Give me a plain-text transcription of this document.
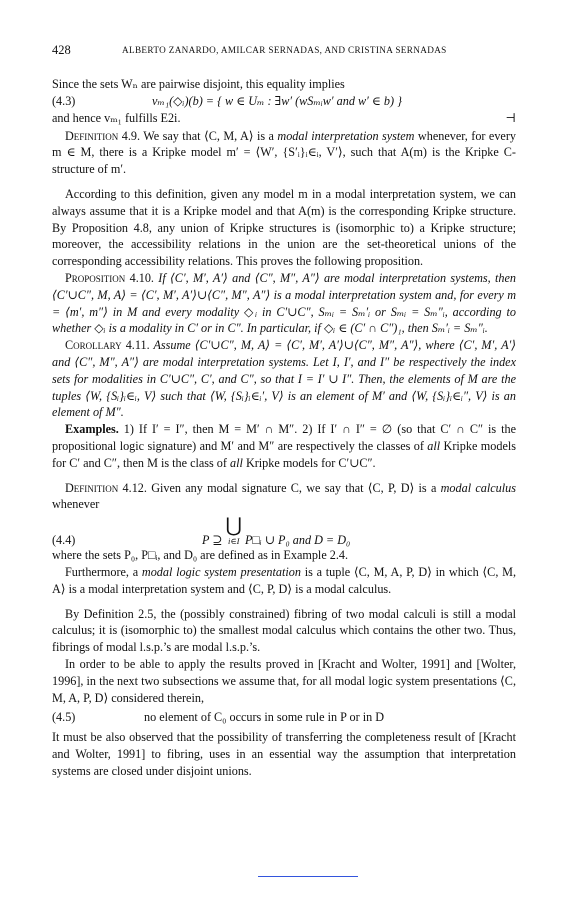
428	ALBERTO ZANARDO, AMILCAR SERNADAS, AND CRISTINA SERNADAS

Since the sets Wₙ are pairwise disjoint, this equality implies

(4.3)	vₘ₁(◇ᵢ)(b) = { w ∈ Uₘ : ∃w′ (wSₘᵢw′ and w′ ∈ b) }

and hence vₘ₁ fulfills E2i.	⊣

Definition 4.9. We say that ⟨C, M, A⟩ is a modal interpretation system whenever, for every m ∈ M, there is a Kripke model m′ = ⟨W′, {S′ᵢ}ᵢ∈ᵢ, V′⟩, such that A(m) is the Kripke C-structure of m′.

According to this definition, given any model m in a modal interpretation system, we can always assume that it is a Kripke model and that A(m) is the corresponding Kripke structure. By Proposition 4.8, any union of Kripke structures is (isomorphic to) a Kripke structure; moreover, the accessibility relations in the union are the set-theoretical unions of the corresponding accessibility relations. This proves the following proposition.

Proposition 4.10. If ⟨C′, M′, A′⟩ and ⟨C″, M″, A″⟩ are modal interpretation systems, then ⟨C′∪C″, M, A⟩ = ⟨C′, M′, A′⟩∪⟨C″, M″, A″⟩ is a modal interpretation system and, for every m = ⟨m′, m″⟩ in M and every modality ◇ᵢ in C′∪C″, Sₘᵢ = Sₘ′ᵢ or Sₘᵢ = Sₘ″ᵢ, according to whether ◇ᵢ is a modality in C′ or in C″. In particular, if ◇ᵢ ∈ (C′ ∩ C″)₁, then Sₘ′ᵢ = Sₘ″ᵢ.

Corollary 4.11. Assume ⟨C′∪C″, M, A⟩ = ⟨C′, M′, A′⟩∪⟨C″, M″, A″⟩, where ⟨C′, M′, A′⟩ and ⟨C″, M″, A″⟩ are modal interpretation systems. Let I, I′, and I″ be respectively the index sets for modalities in C′∪C″, C′, and C″, so that I = I′ ∪ I″. Then, the elements of M are the tuples ⟨W, {Sᵢ}ᵢ∈ᵢ, V⟩ such that ⟨W, {Sᵢ}ᵢ∈ᵢ′, V⟩ is an element of M′ and ⟨W, {Sᵢ}ᵢ∈ᵢ″, V⟩ is an element of M″.

Examples. 1) If I′ = I″, then M = M′ ∩ M″. 2) If I′ ∩ I″ = ∅ (so that C′ ∩ C″ is the propositional logic signature) and M′ and M″ are respectively the classes of all Kripke models for C′ and C″, then M is the class of all Kripke models for C′∪C″.

Definition 4.12. Given any modal signature C, we say that ⟨C, P, D⟩ is a modal calculus whenever

(4.4)	P ⊇ ⋃
i∈I P□ᵢ ∪ P₀ and D = D₀

where the sets P₀, P□ᵢ, and D₀ are defined as in Example 2.4.

Furthermore, a modal logic system presentation is a tuple ⟨C, M, A, P, D⟩ in which ⟨C, M, A⟩ is a modal interpretation system and ⟨C, P, D⟩ is a modal calculus.

By Definition 2.5, the (possibly constrained) fibring of two modal calculi is still a modal calculus; it is (isomorphic to) the smallest modal calculus which contains the other two. Thus, fibrings of modal l.s.p.’s are modal l.s.p.’s.

In order to be able to apply the results proved in [Kracht and Wolter, 1991] and [Wolter, 1996], in the next two subsections we assume that, for all modal logic system presentations ⟨C, M, A, P, D⟩ considered therein,

(4.5)	no element of C₀ occurs in some rule in P or in D

It must be also observed that the possibility of transferring the completeness result of [Kracht and Wolter, 1991] to fibring, uses in an essential way the assumption that interpretation systems are closed under disjoint unions.
